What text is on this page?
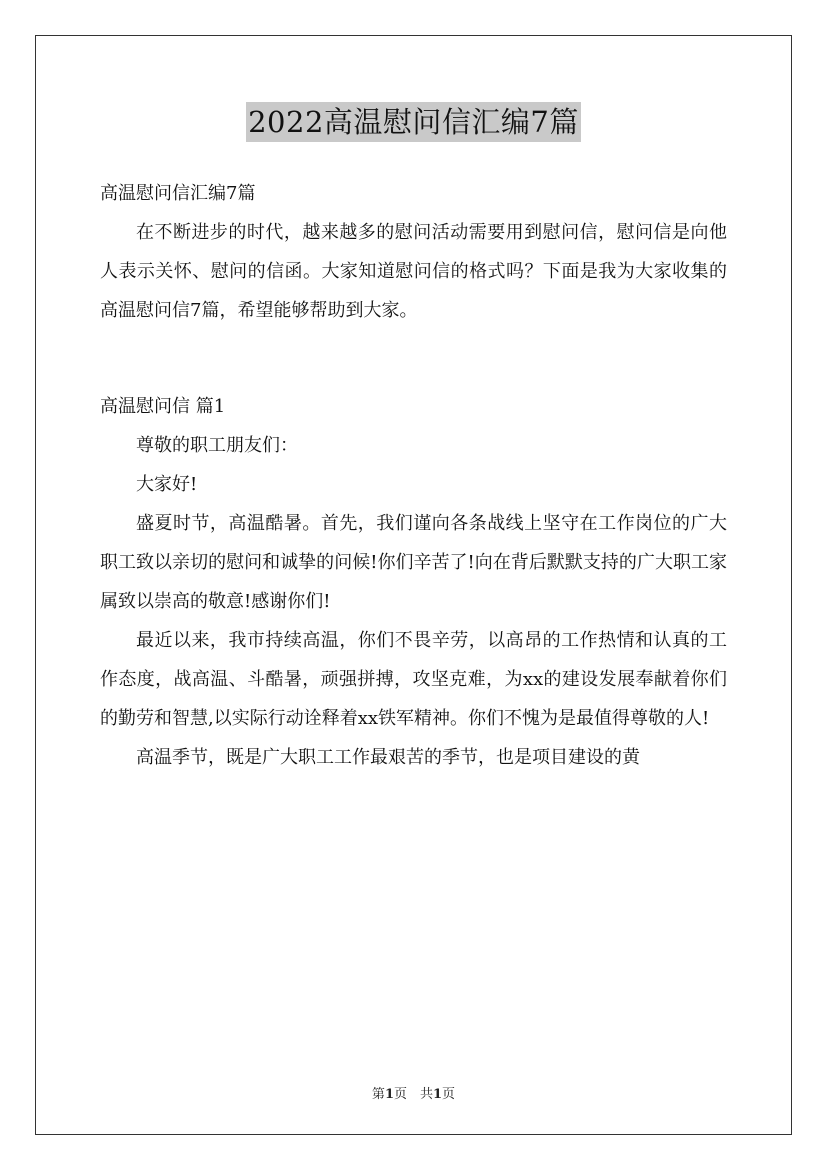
2022高温慰问信汇编7篇

高温慰问信汇编7篇

在不断进步的时代，越来越多的慰问活动需要用到慰问信，慰问信是向他人表示关怀、慰问的信函。大家知道慰问信的格式吗？下面是我为大家收集的高温慰问信7篇，希望能够帮助到大家。

高温慰问信 篇1

尊敬的职工朋友们：

大家好!

盛夏时节，高温酷暑。首先，我们谨向各条战线上坚守在工作岗位的广大职工致以亲切的慰问和诚挚的问候!你们辛苦了!向在背后默默支持的广大职工家属致以崇高的敬意!感谢你们!

最近以来，我市持续高温，你们不畏辛劳，以高昂的工作热情和认真的工作态度，战高温、斗酷暑，顽强拼搏，攻坚克难，为xx的建设发展奉献着你们的勤劳和智慧,以实际行动诠释着xx铁军精神。你们不愧为是最值得尊敬的人!

高温季节，既是广大职工工作最艰苦的季节，也是项目建设的黄

第1页　共1页
